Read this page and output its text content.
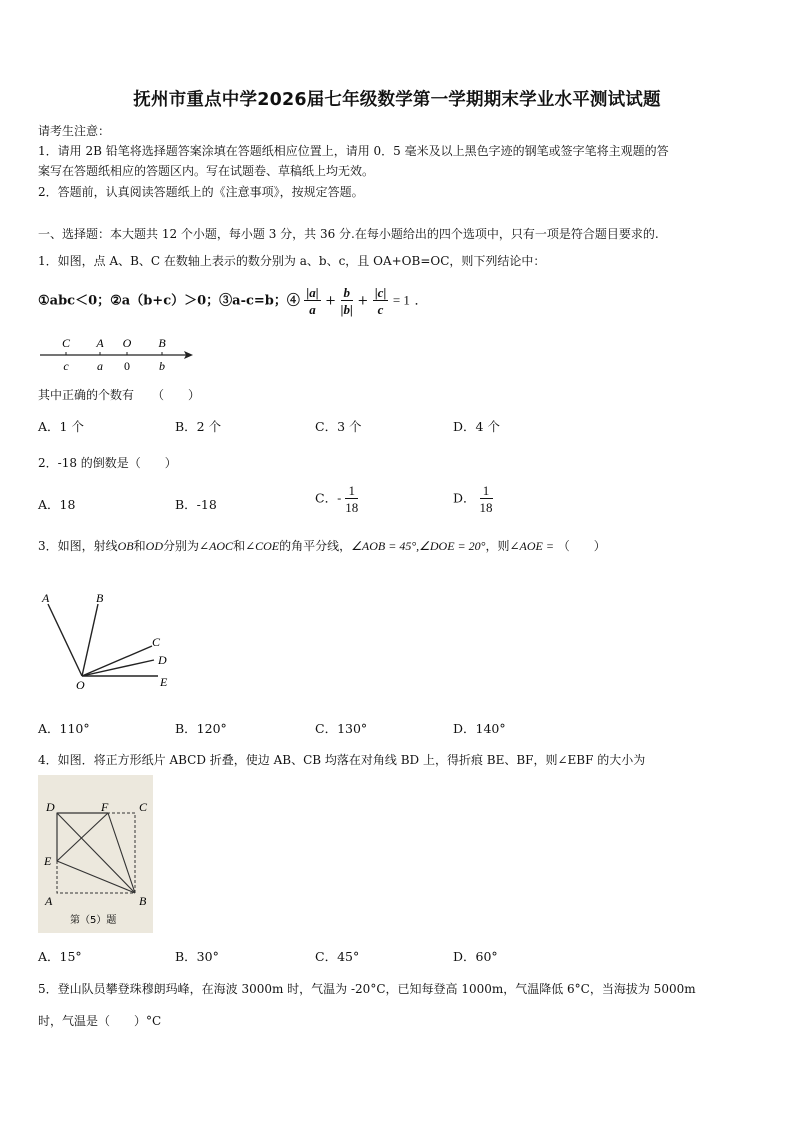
抚州市重点中学2026届七年级数学第一学期期末学业水平测试试题
请考生注意：
1．请用 2B 铅笔将选择题答案涂填在答题纸相应位置上，请用 0．5 毫米及以上黑色字迹的钢笔或签字笔将主观题的答
案写在答题纸相应的答题区内。写在试题卷、草稿纸上均无效。
2．答题前，认真阅读答题纸上的《注意事项》，按规定答题。
一、选择题：本大题共 12 个小题，每小题 3 分，共 36 分.在每小题给出的四个选项中，只有一项是符合题目要求的.
1．如图，点 A、B、C 在数轴上表示的数分别为 a、b、c，且 OA+OB=OC，则下列结论中：
①abc＜0；②a（b+c）＞0；③a-c=b；④ $\frac{|a|}{a} + \frac{b}{|b|} + \frac{|c|}{c} = 1$ ．
C A O B
c a 0 b
其中正确的个数有　　（　　）
A．1 个	B．2 个	C．3 个	D．4 个
2．-18 的倒数是（　　）
A．18	B．-18	C．- $\frac{1}{18}$	D． $\frac{1}{18}$
3．如图，射线OB和OD分别为∠AOC和∠COE的角平分线，∠AOB = 45°,∠DOE = 20°，则∠AOE = （　　）
A	B
C
D
O	E
A．110°	B．120°	C．130°	D．140°
4．如图．将正方形纸片 ABCD 折叠，使边 AB、CB 均落在对角线 BD 上，得折痕 BE、BF，则∠EBF 的大小为
D	F	C
E
A	B
第（5）题
A．15°	B．30°	C．45°	D．60°
5．登山队员攀登珠穆朗玛峰，在海波 3000m 时，气温为 -20°C，已知每登高 1000m，气温降低 6°C，当海拔为 5000m
时，气温是（　　）°C
